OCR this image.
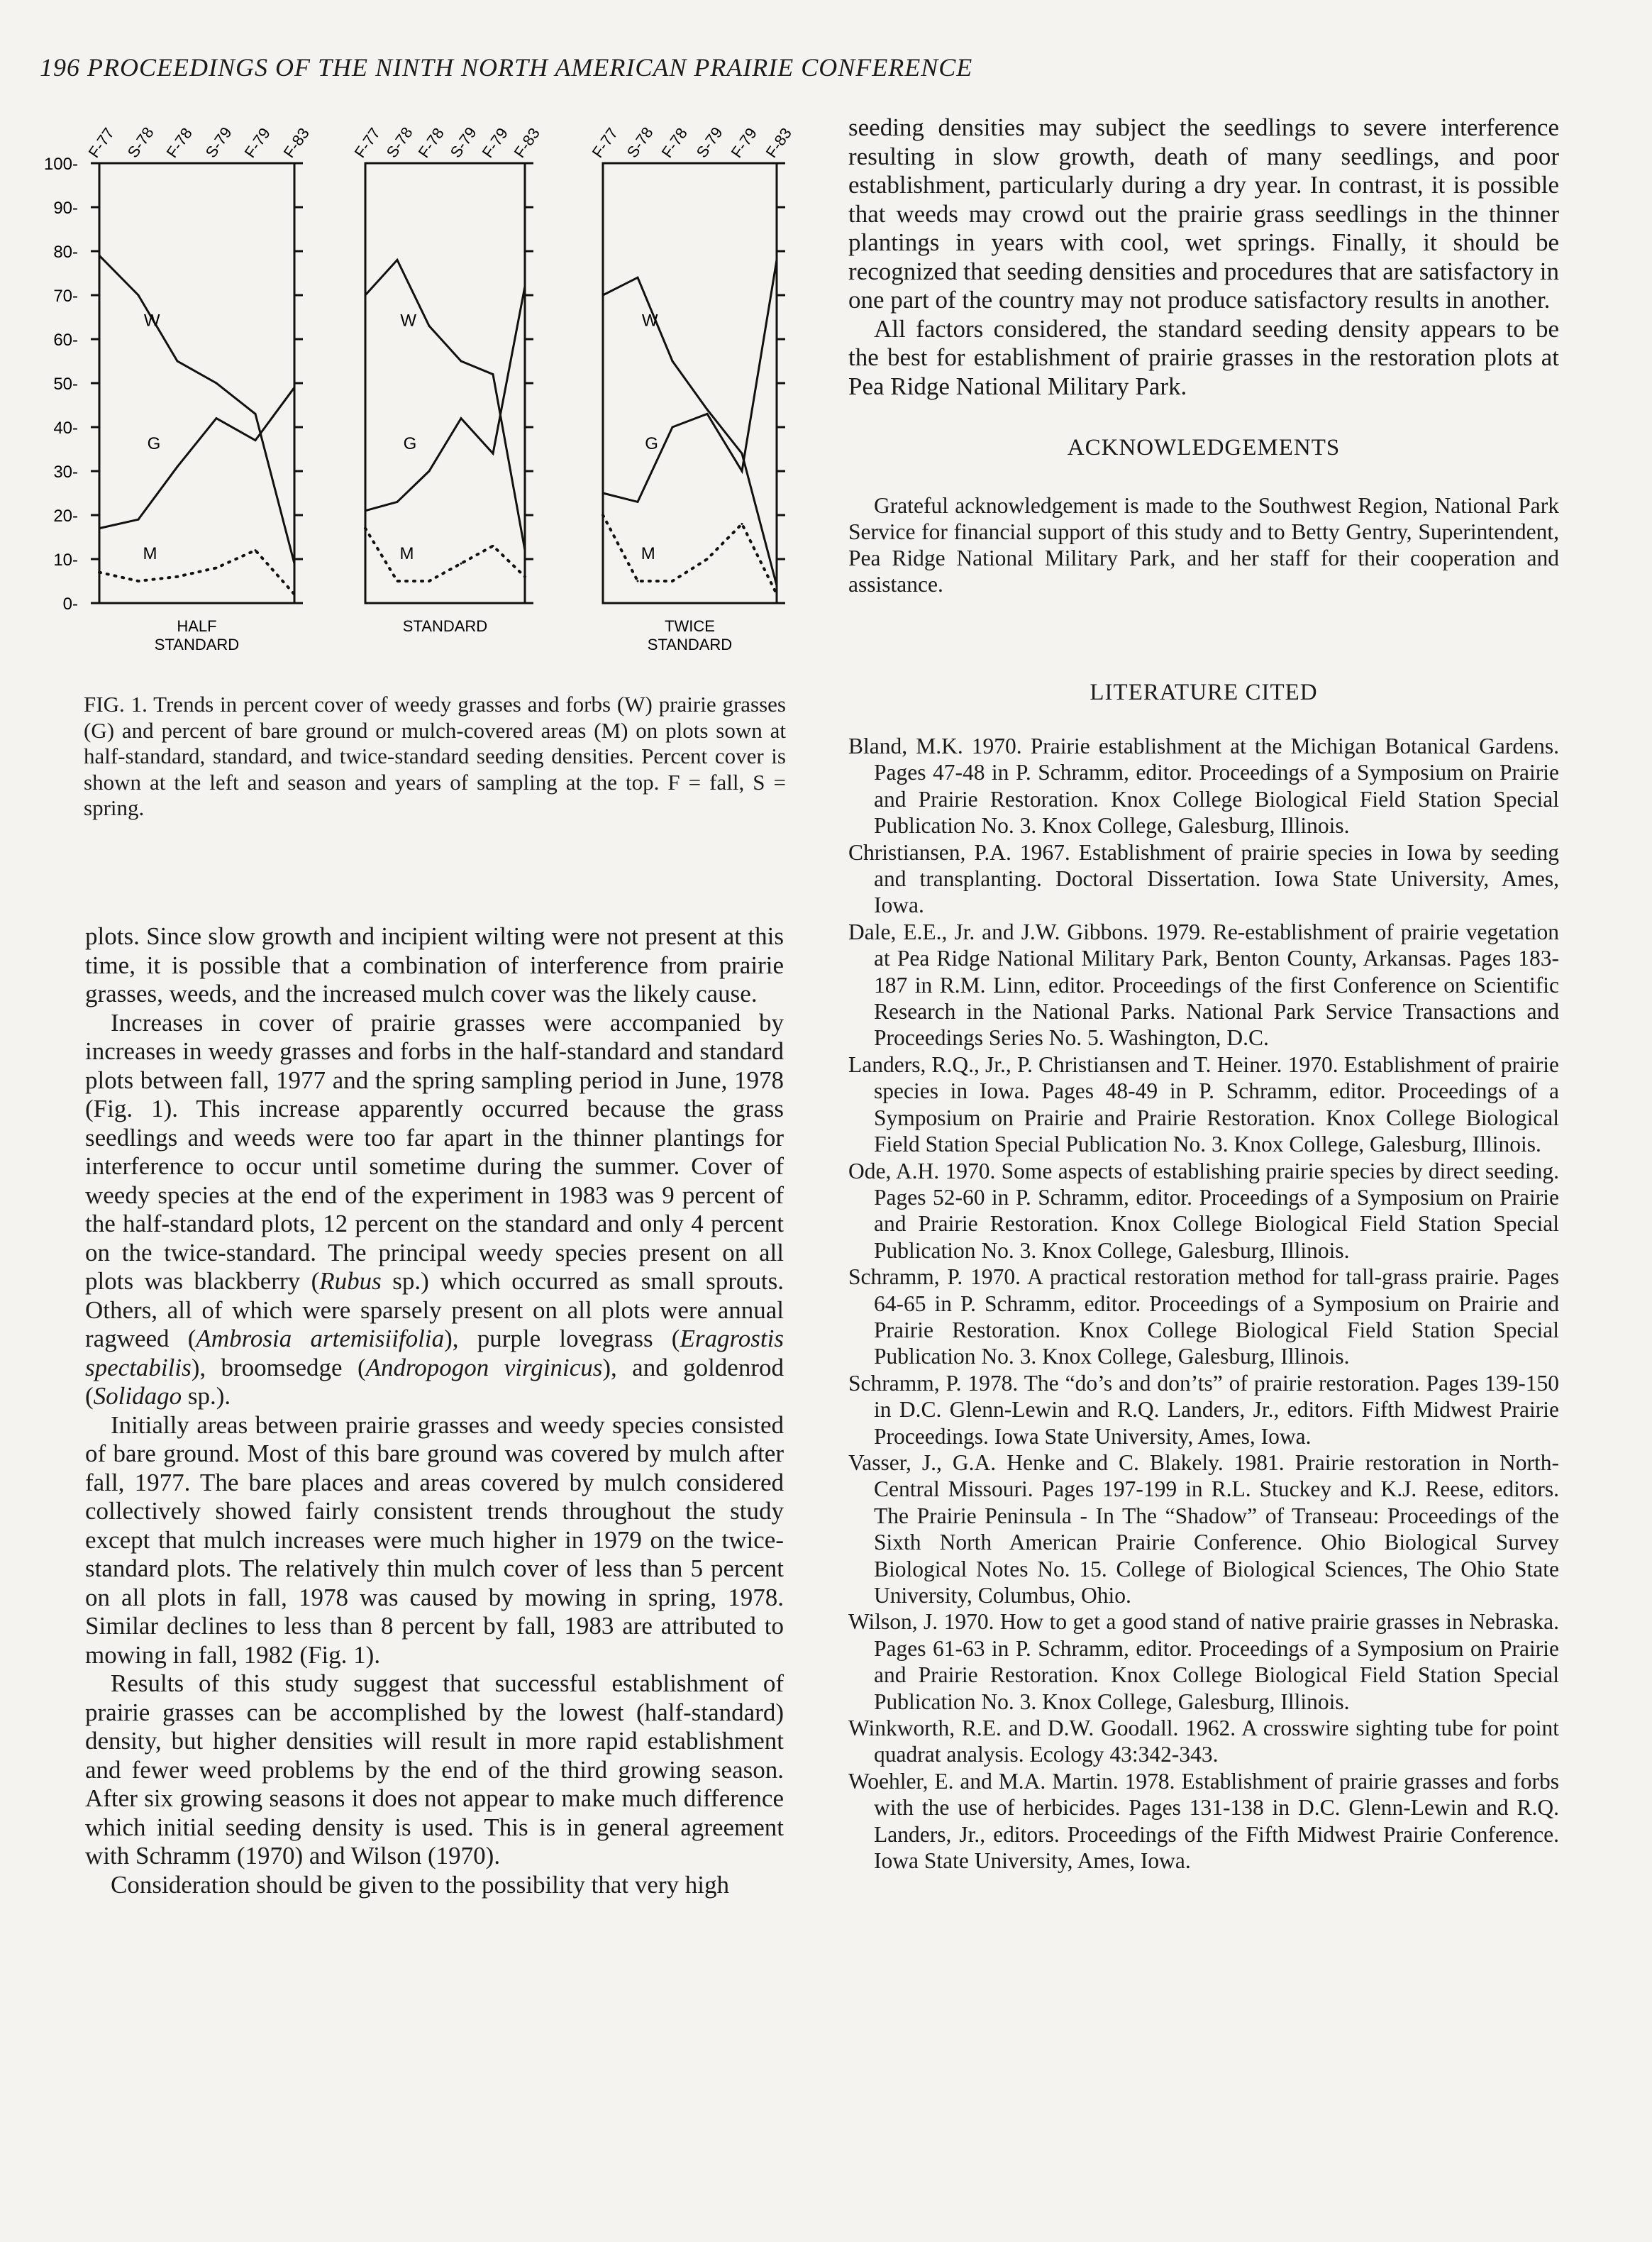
196 PROCEEDINGS OF THE NINTH NORTH AMERICAN PRAIRIE CONFERENCE
100-
90-
80-
70-
60-
50-
40-
30-
20-
10-
0-
F-77 S-78 F-78 S-79 F-79 F-83
W
G
M
HALF
STANDARD
F-77
S-78
F-78
S-79
F-79
F-83
W
G
M
STANDARD
F-77 S-78 F-78 S-79 F-79 F-83
W
G
M
TWICE
STANDARD
FIG. 1. Trends in percent cover of weedy grasses and forbs (W) prairie grasses (G) and percent of bare ground or mulch-covered areas (M) on plots sown at half-standard, standard, and twice-standard seeding densities. Percent cover is shown at the left and season and years of sampling at the top. F = fall, S = spring.

plots. Since slow growth and incipient wilting were not present at this time, it is possible that a combination of interference from prairie grasses, weeds, and the increased mulch cover was the likely cause.

Increases in cover of prairie grasses were accompanied by increases in weedy grasses and forbs in the half-standard and standard plots between fall, 1977 and the spring sampling period in June, 1978 (Fig. 1). This increase apparently occurred because the grass seedlings and weeds were too far apart in the thinner plantings for interference to occur until sometime during the summer. Cover of weedy species at the end of the experiment in 1983 was 9 percent of the half-standard plots, 12 percent on the standard and only 4 percent on the twice-standard. The principal weedy species present on all plots was blackberry (Rubus sp.) which occurred as small sprouts. Others, all of which were sparsely present on all plots were annual ragweed (Ambrosia artemisiifolia), purple lovegrass (Eragrostis spectabilis), broomsedge (Andropogon virginicus), and goldenrod (Solidago sp.).

Initially areas between prairie grasses and weedy species consisted of bare ground. Most of this bare ground was covered by mulch after fall, 1977. The bare places and areas covered by mulch considered collectively showed fairly consistent trends throughout the study except that mulch increases were much higher in 1979 on the twice-standard plots. The relatively thin mulch cover of less than 5 percent on all plots in fall, 1978 was caused by mowing in spring, 1978. Similar declines to less than 8 percent by fall, 1983 are attributed to mowing in fall, 1982 (Fig. 1).

Results of this study suggest that successful establishment of prairie grasses can be accomplished by the lowest (half-standard) density, but higher densities will result in more rapid establishment and fewer weed problems by the end of the third growing season. After six growing seasons it does not appear to make much difference which initial seeding density is used. This is in general agreement with Schramm (1970) and Wilson (1970).

Consideration should be given to the possibility that very high

seeding densities may subject the seedlings to severe interference resulting in slow growth, death of many seedlings, and poor establishment, particularly during a dry year. In contrast, it is possible that weeds may crowd out the prairie grass seedlings in the thinner plantings in years with cool, wet springs. Finally, it should be recognized that seeding densities and procedures that are satisfactory in one part of the country may not produce satisfactory results in another.

All factors considered, the standard seeding density appears to be the best for establishment of prairie grasses in the restoration plots at Pea Ridge National Military Park.

ACKNOWLEDGEMENTS

Grateful acknowledgement is made to the Southwest Region, National Park Service for financial support of this study and to Betty Gentry, Superintendent, Pea Ridge National Military Park, and her staff for their cooperation and assistance.

LITERATURE CITED

Bland, M.K. 1970. Prairie establishment at the Michigan Botanical Gardens. Pages 47-48 in P. Schramm, editor. Proceedings of a Symposium on Prairie and Prairie Restoration. Knox College Biological Field Station Special Publication No. 3. Knox College, Galesburg, Illinois.
Christiansen, P.A. 1967. Establishment of prairie species in Iowa by seeding and transplanting. Doctoral Dissertation. Iowa State University, Ames, Iowa.
Dale, E.E., Jr. and J.W. Gibbons. 1979. Re-establishment of prairie vegetation at Pea Ridge National Military Park, Benton County, Arkansas. Pages 183-187 in R.M. Linn, editor. Proceedings of the first Conference on Scientific Research in the National Parks. National Park Service Transactions and Proceedings Series No. 5. Washington, D.C.
Landers, R.Q., Jr., P. Christiansen and T. Heiner. 1970. Establishment of prairie species in Iowa. Pages 48-49 in P. Schramm, editor. Proceedings of a Symposium on Prairie and Prairie Restoration. Knox College Biological Field Station Special Publication No. 3. Knox College, Galesburg, Illinois.
Ode, A.H. 1970. Some aspects of establishing prairie species by direct seeding. Pages 52-60 in P. Schramm, editor. Proceedings of a Symposium on Prairie and Prairie Restoration. Knox College Biological Field Station Special Publication No. 3. Knox College, Galesburg, Illinois.
Schramm, P. 1970. A practical restoration method for tall-grass prairie. Pages 64-65 in P. Schramm, editor. Proceedings of a Symposium on Prairie and Prairie Restoration. Knox College Biological Field Station Special Publication No. 3. Knox College, Galesburg, Illinois.
Schramm, P. 1978. The “do’s and don’ts” of prairie restoration. Pages 139-150 in D.C. Glenn-Lewin and R.Q. Landers, Jr., editors. Fifth Midwest Prairie Proceedings. Iowa State University, Ames, Iowa.
Vasser, J., G.A. Henke and C. Blakely. 1981. Prairie restoration in North-Central Missouri. Pages 197-199 in R.L. Stuckey and K.J. Reese, editors. The Prairie Peninsula - In The “Shadow” of Transeau: Proceedings of the Sixth North American Prairie Conference. Ohio Biological Survey Biological Notes No. 15. College of Biological Sciences, The Ohio State University, Columbus, Ohio.
Wilson, J. 1970. How to get a good stand of native prairie grasses in Nebraska. Pages 61-63 in P. Schramm, editor. Proceedings of a Symposium on Prairie and Prairie Restoration. Knox College Biological Field Station Special Publication No. 3. Knox College, Galesburg, Illinois.
Winkworth, R.E. and D.W. Goodall. 1962. A crosswire sighting tube for point quadrat analysis. Ecology 43:342-343.
Woehler, E. and M.A. Martin. 1978. Establishment of prairie grasses and forbs with the use of herbicides. Pages 131-138 in D.C. Glenn-Lewin and R.Q. Landers, Jr., editors. Proceedings of the Fifth Midwest Prairie Conference. Iowa State University, Ames, Iowa.
